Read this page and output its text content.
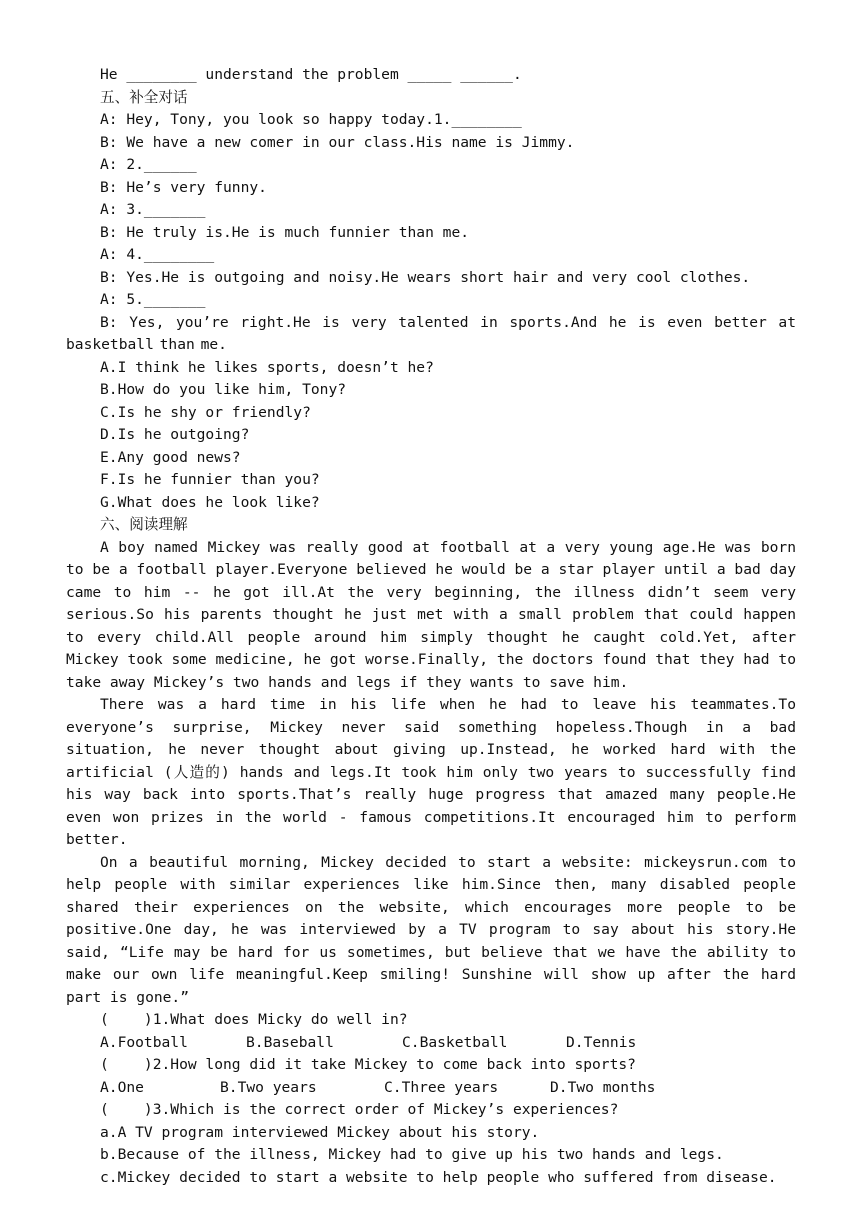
He ________ understand the problem _____ ______.
五、补全对话
A: Hey, Tony, you look so happy today.1.________
B: We have a new comer in our class.His name is Jimmy.
A: 2.______
B: He’s very funny.
A: 3._______
B: He truly is.He is much funnier than me.
A: 4.________
B: Yes.He is outgoing and noisy.He wears short hair and very cool clothes.
A: 5._______

B: Yes, you’re right.He is very talented in sports.And he is even better at basketball than me.

A.I think he likes sports, doesn’t he?
B.How do you like him, Tony?
C.Is he shy or friendly?
D.Is he outgoing?
E.Any good news?
F.Is he funnier than you?
G.What does he look like?
六、阅读理解

A boy named Mickey was really good at football at a very young age.He was born to be a football player.Everyone believed he would be a star player until a bad day came to him -- he got ill.At the very beginning, the illness didn’t seem very serious.So his parents thought he just met with a small problem that could happen to every child.All people around him simply thought he caught cold.Yet, after Mickey took some medicine, he got worse.Finally, the doctors found that they had to take away Mickey’s two hands and legs if they wants to save him.

There was a hard time in his life when he had to leave his teammates.To everyone’s surprise, Mickey never said something hopeless.Though in a bad situation, he never thought about giving up.Instead, he worked hard with the artificial (人造的) hands and legs.It took him only two years to successfully find his way back into sports.That’s really huge progress that amazed many people.He even won prizes in the world - famous competitions.It encouraged him to perform better.

On a beautiful morning, Mickey decided to start a website: mickeysrun.com to help people with similar experiences like him.Since then, many disabled people shared their experiences on the website, which encourages more people to be positive.One day, he was interviewed by a TV program to say about his story.He said, “Life may be hard for us sometimes, but believe that we have the ability to make our own life meaningful.Keep smiling! Sunshine will show up after the hard part is gone.”

(    )1.What does Micky do well in?
A.Football	B.Baseball	C.Basketball	D.Tennis
(    )2.How long did it take Mickey to come back into sports?
A.One	B.Two years	C.Three years	D.Two months
(    )3.Which is the correct order of Mickey’s experiences?
a.A TV program interviewed Mickey about his story.
b.Because of the illness, Mickey had to give up his two hands and legs.
c.Mickey decided to start a website to help people who suffered from disease.
